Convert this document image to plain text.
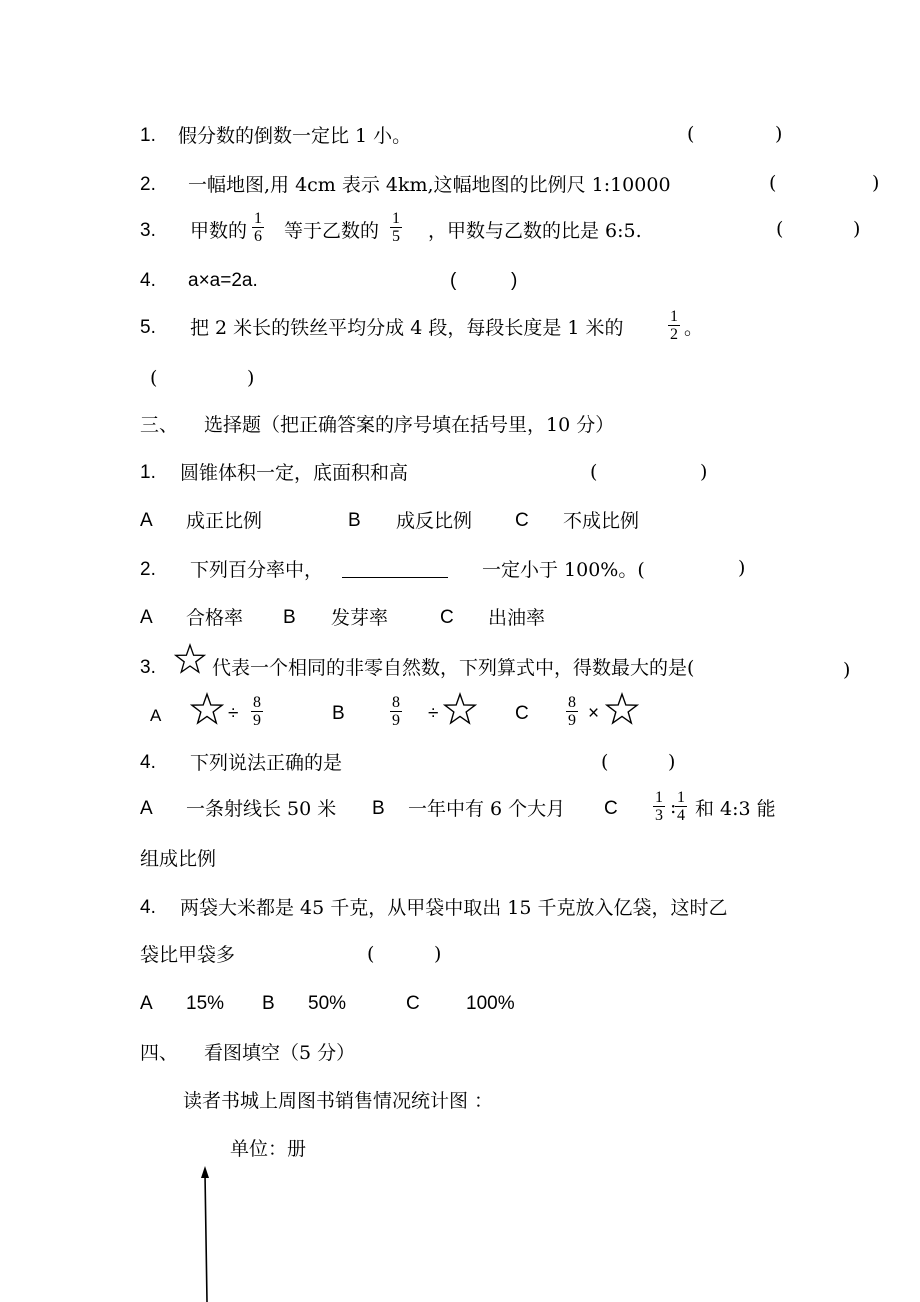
1. 假分数的倒数一定比 1 小。	(	)
2. 一幅地图,用 4cm 表示 4km,这幅地图的比例尺 1:10000	(	)
3. 甲数的 $\frac{1}{6}$ 等于乙数的 $\frac{1}{5}$ ，甲数与乙数的比是 6:5.	(	)
4. a×a=2a.	(	)
5. 把 2 米长的铁丝平均分成 4 段，每段长度是 1 米的	$\frac{1}{2}$ 。
(	)
三、 选择题（把正确答案的序号填在括号里，10 分）
1. 圆锥体积一定，底面积和高	(	)
A 成正比例	B 成反比例 C 不成比例
2. 下列百分率中，	一定小于 100%。(	)
A 合格率 B 发芽率	C 出油率
3.	代表一个相同的非零自然数，下列算式中，得数最大的是(	)
A	÷ $\frac{8}{9}$	B	$\frac{8}{9}$ ÷	C $\frac{8}{9}$ ×
4. 下列说法正确的是	(	)
A 一条射线长 50 米 B 一年中有 6 个大月 C $\frac{1}{3}$ :
$\frac{1}{4}$ 和 4:3 能
组成比例
4. 两袋大米都是 45 千克，从甲袋中取出 15 千克放入亿袋，这时乙
袋比甲袋多	(	)
A 15% B 50%	C 100%
四、 看图填空（5 分）
读者书城上周图书销售情况统计图 ：
单位：册
